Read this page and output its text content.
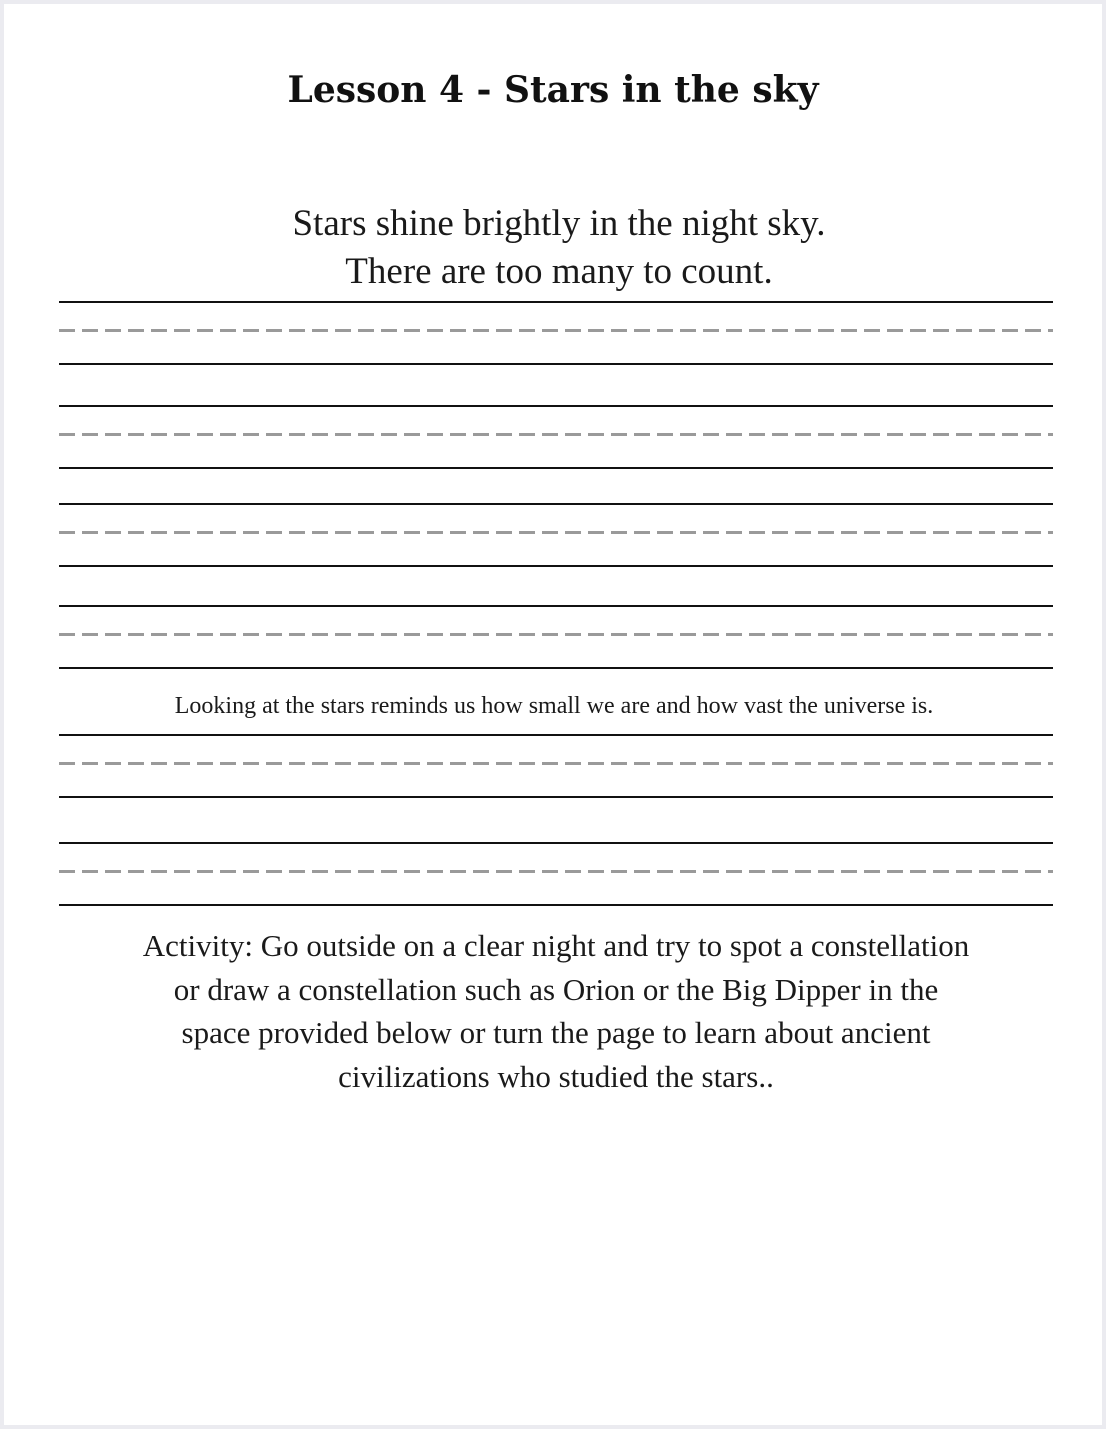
Lesson 4 - Stars in the sky

Stars shine brightly in the night sky.

There are too many to count.

Looking at the stars reminds us how small we are and how vast the universe is.

Activity: Go outside on a clear night and try to spot a constellation
or draw a constellation such as Orion or the Big Dipper in the
space provided below or turn the page to learn about ancient
civilizations who studied the stars..
